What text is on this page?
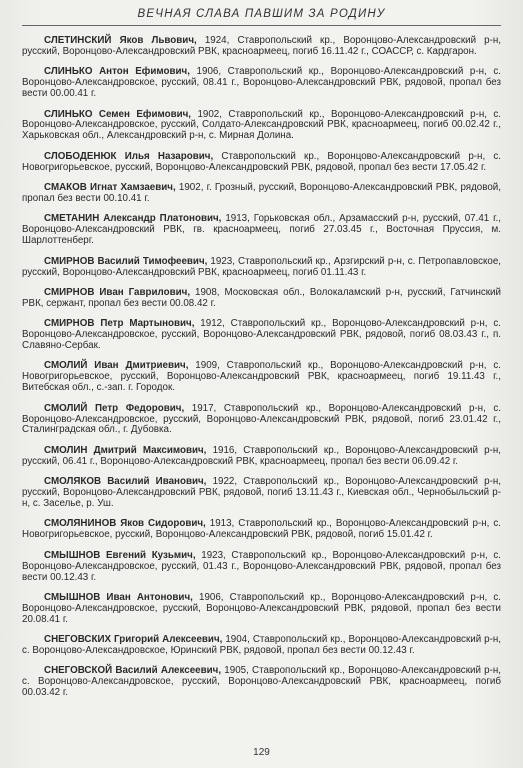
ВЕЧНАЯ СЛАВА ПАВШИМ ЗА РОДИНУ

СЛЕТИНСКИЙ Яков Львович, 1924, Ставропольский кр., Воронцово-Александровский р-н, русский, Воронцово-Александровский РВК, красноармеец, погиб 16.11.42 г., СОАССР, с. Кардгарон.

СЛИНЬКО Антон Ефимович, 1906, Ставропольский кр., Воронцово-Александровский р-н, с. Воронцово-Александровское, русский, 08.41 г., Воронцово-Александровский РВК, рядовой, пропал без вести 00.00.41 г.

СЛИНЬКО Семен Ефимович, 1902, Ставропольский кр., Воронцово-Александровский р-н, с. Воронцово-Александровское, русский, Солдато-Александровский РВК, красноармеец, погиб 00.02.42 г., Харьковская обл., Александровский р-н, с. Мирная Долина.

СЛОБОДЕНЮК Илья Назарович, Ставропольский кр., Воронцово-Александровский р-н, с. Новогригорьевское, русский, Воронцово-Александровский РВК, рядовой, пропал без вести 17.05.42 г.

СМАКОВ Игнат Хамзаевич, 1902, г. Грозный, русский, Воронцово-Александровский РВК, рядовой, пропал без вести 00.10.41 г.

СМЕТАНИН Александр Платонович, 1913, Горьковская обл., Арзамасский р-н, русский, 07.41 г., Воронцово-Александровский РВК, гв. красноармеец, погиб 27.03.45 г., Восточная Пруссия, м. Шарлоттенберг.

СМИРНОВ Василий Тимофеевич, 1923, Ставропольский кр., Арзгирский р-н, с. Петропавловское, русский, Воронцово-Александровский РВК, красноармеец, погиб 01.11.43 г.

СМИРНОВ Иван Гаврилович, 1908, Московская обл., Волокаламский р-н, русский, Гатчинский РВК, сержант, пропал без вести 00.08.42 г.

СМИРНОВ Петр Мартынович, 1912, Ставропольский кр., Воронцово-Александровский р-н, с. Воронцово-Александровское, русский, Воронцово-Александровский РВК, рядовой, погиб 08.03.43 г., п. Славяно-Сербак.

СМОЛИЙ Иван Дмитриевич, 1909, Ставропольский кр., Воронцово-Александровский р-н, с. Новогригорьевское, русский, Воронцово-Александровский РВК, красноармеец, погиб 19.11.43 г., Витебская обл., с.-зап. г. Городок.

СМОЛИЙ Петр Федорович, 1917, Ставропольский кр., Воронцово-Александровский р-н, с. Воронцово-Александровское, русский, Воронцово-Александровский РВК, рядовой, погиб 23.01.42 г., Сталинградская обл., г. Дубовка.

СМОЛИН Дмитрий Максимович, 1916, Ставропольский кр., Воронцово-Александровский р-н, русский, 06.41 г., Воронцово-Александровский РВК, красноармеец, пропал без вести 06.09.42 г.

СМОЛЯКОВ Василий Иванович, 1922, Ставропольский кр., Воронцово-Александровский р-н, русский, Воронцово-Александровский РВК, рядовой, погиб 13.11.43 г., Киевская обл., Чернобыльский р-н, с. Заселье, р. Уш.

СМОЛЯНИНОВ Яков Сидорович, 1913, Ставропольский кр., Воронцово-Александровский р-н, с. Новогригорьевское, русский, Воронцово-Александровский РВК, рядовой, погиб 15.01.42 г.

СМЫШНОВ Евгений Кузьмич, 1923, Ставропольский кр., Воронцово-Александровский р-н, с. Воронцово-Александровское, русский, 01.43 г., Воронцово-Александровский РВК, рядовой, пропал без вести 00.12.43 г.

СМЫШНОВ Иван Антонович, 1906, Ставропольский кр., Воронцово-Александровский р-н, с. Воронцово-Александровское, русский, Воронцово-Александровский РВК, рядовой, пропал без вести 20.08.41 г.

СНЕГОВСКИХ Григорий Алексеевич, 1904, Ставропольский кр., Воронцово-Александровский р-н, с. Воронцово-Александровское, Юринский РВК, рядовой, пропал без вести 00.12.43 г.

СНЕГОВСКОЙ Василий Алексеевич, 1905, Ставропольский кр., Воронцово-Александровский р-н, с. Воронцово-Александровское, русский, Воронцово-Александровский РВК, красноармеец, погиб 00.03.42 г.

129
